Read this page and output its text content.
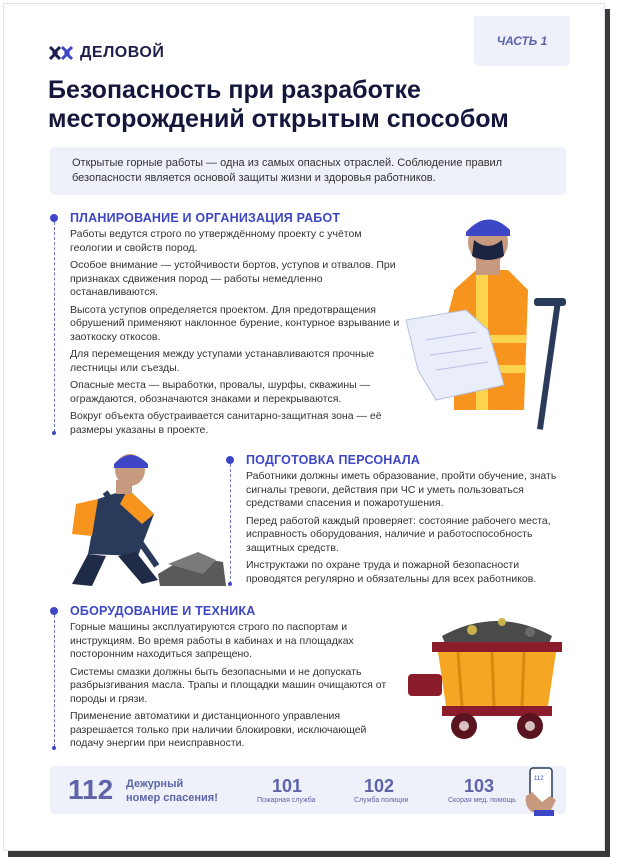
ЧАСТЬ 1
ДЕЛОВОЙ
Безопасность при разработке
месторождений открытым способом
Открытые горные работы — одна из самых опасных отраслей. Соблюдение правил безопасности является основой защиты жизни и здоровья работников.
ПЛАНИРОВАНИЕ И ОРГАНИЗАЦИЯ РАБОТ

Работы ведутся строго по утверждённому проекту с учётом геологии и свойств пород.

Особое внимание — устойчивости бортов, уступов и отвалов. При признаках сдвижения пород — работы немедленно останавливаются.

Высота уступов определяется проектом. Для предотвращения обрушений применяют наклонное бурение, контурное взрывание и заоткоску откосов.

Для перемещения между уступами устанавливаются прочные лестницы или съезды.

Опасные места — выработки, провалы, шурфы, скважины — ограждаются, обозначаются знаками и перекрываются.

Вокруг объекта обустраивается санитарно-защитная зона — её размеры указаны в проекте.

ПОДГОТОВКА ПЕРСОНАЛА

Работники должны иметь образование, пройти обучение, знать сигналы тревоги, действия при ЧС и уметь пользоваться средствами спасения и пожаротушения.

Перед работой каждый проверяет: состояние рабочего места, исправность оборудования, наличие и работоспособность защитных средств.

Инструктажи по охране труда и пожарной безопасности проводятся регулярно и обязательны для всех работников.

ОБОРУДОВАНИЕ И ТЕХНИКА

Горные машины эксплуатируются строго по паспортам и инструкциям. Во время работы в кабинах и на площадках посторонним находиться запрещено.

Системы смазки должны быть безопасными и не допускать разбрызгивания масла. Трапы и площадки машин очищаются от породы и грязи.

Применение автоматики и дистанционного управления разрешается только при наличии блокировки, исключающей подачу энергии при неисправности.

112 Дежурный
номер спасения!
101
Пожарная служба
102
Служба полиции
103
Скорая мед. помощь
112
